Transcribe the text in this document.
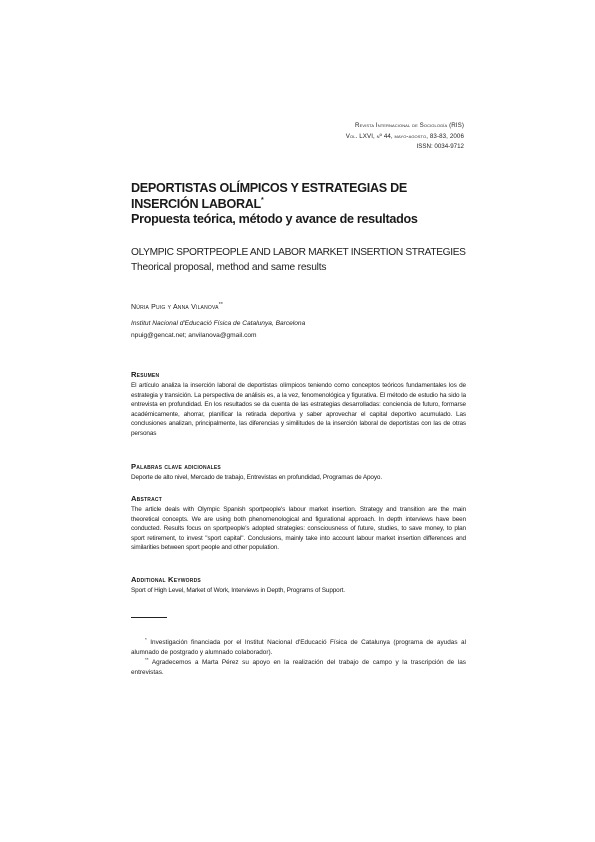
Revista Internacional de Sociología (RIS)
Vol. LXVI, nº 44, mayo-agosto, 83-83, 2006
ISSN: 0034-9712
DEPORTISTAS OLÍMPICOS Y ESTRATEGIAS DE
INSERCIÓN LABORAL*
Propuesta teórica, método y avance de resultados
OLYMPIC SPORTPEOPLE AND LABOR MARKET INSERTION STRATEGIES
Theorical proposal, method and same results
Núria Puig y Anna Vilanova**
Institut Nacional d'Educació Física de Catalunya, Barcelona
npuig@gencat.net; anvilanova@gmail.com
Resumen
El artículo analiza la inserción laboral de deportistas olímpicos teniendo como conceptos teóricos fundamentales los de estrategia y transición. La perspectiva de análisis es, a la vez, fenomenológica y figurativa. El método de estudio ha sido la entrevista en profundidad. En los resultados se da cuenta de las estrategias desarrolladas: conciencia de futuro, formarse académicamente, ahorrar, planificar la retirada deportiva y saber aprovechar el capital deportivo acumulado. Las conclusiones analizan, principalmente, las diferencias y similitudes de la inserción laboral de deportistas con las de otras personas
Palabras clave adicionales
Deporte de alto nivel, Mercado de trabajo, Entrevistas en profundidad, Programas de Apoyo.
Abstract
The article deals with Olympic Spanish sportpeople's labour market insertion. Strategy and transition are the main theoretical concepts. We are using both phenomenological and figurational approach. In depth interviews have been conducted. Results focus on sportpeople's adopted strategies: consciousness of future, studies, to save money, to plan sport retirement, to invest "sport capital". Conclusions, mainly take into account labour market insertion differences and similarities between sport people and other population.
Additional Keywords
Sport of High Level, Market of Work, Interviews in Depth, Programs of Support.
* Investigación financiada por el Institut Nacional d'Educació Física de Catalunya (programa de ayudas al alumnado de postgrado y alumnado colaborador).
** Agradecemos a Marta Pérez su apoyo en la realización del trabajo de campo y la trascripción de las entrevistas.
